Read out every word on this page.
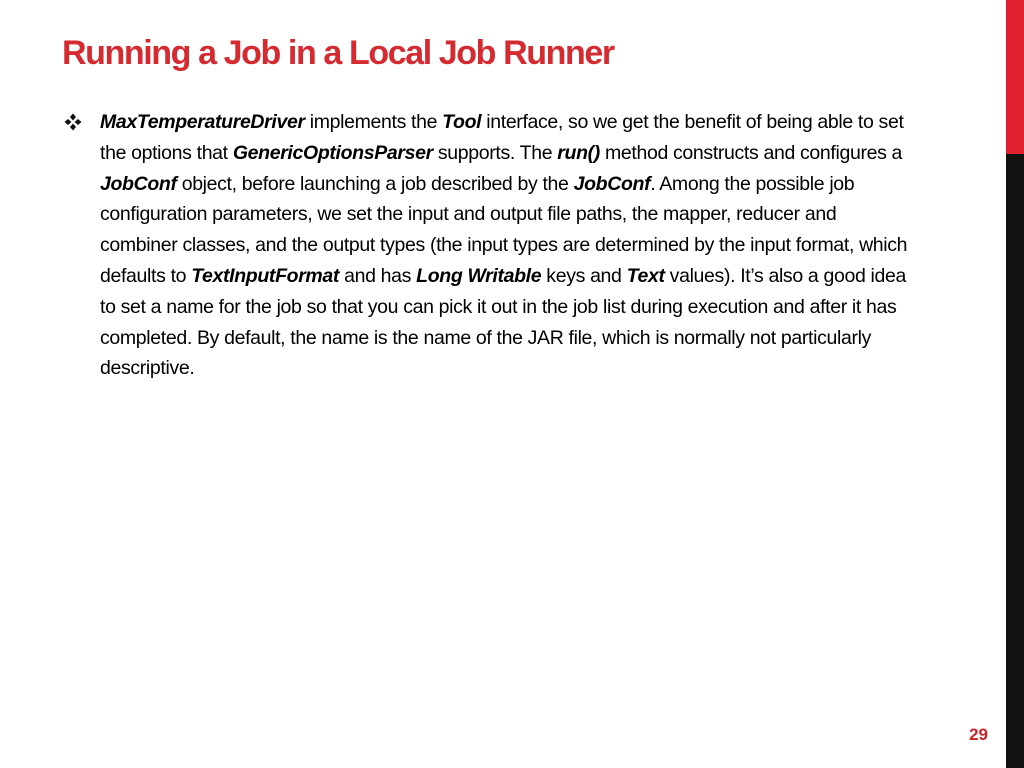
Running a Job in a Local Job Runner

MaxTemperatureDriver implements the Tool interface, so we get the benefit of being able to set the options that GenericOptionsParser supports. The run() method constructs and configures a JobConf object, before launching a job described by the JobConf. Among the possible job configuration parameters, we set the input and output file paths, the mapper, reducer and combiner classes, and the output types (the input types are determined by the input format, which defaults to TextInputFormat and has Long Writable keys and Text values). It’s also a good idea to set a name for the job so that you can pick it out in the job list during execution and after it has completed. By default, the name is the name of the JAR file, which is normally not particularly descriptive.

29
